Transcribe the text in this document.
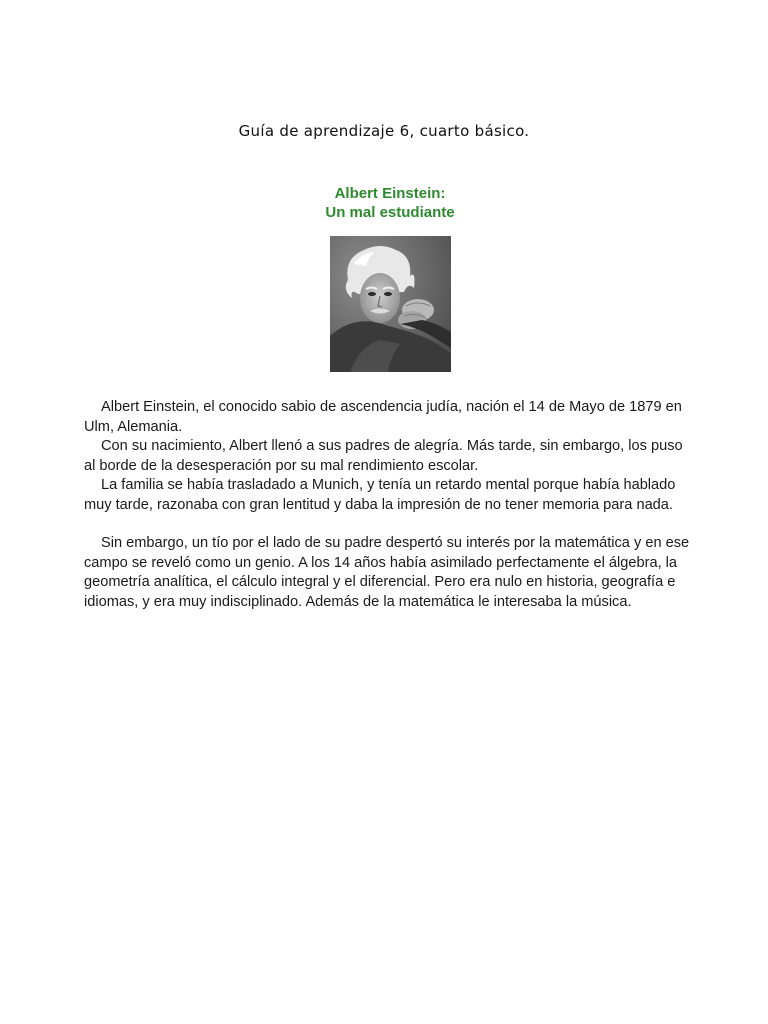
Guía de aprendizaje 6, cuarto básico.
Albert Einstein:
Un mal estudiante

Albert Einstein, el conocido sabio de ascendencia judía, nación el 14 de Mayo de 1879 en Ulm, Alemania.

Con su nacimiento, Albert llenó a sus padres de alegría. Más tarde, sin embargo, los puso al borde de la desesperación por su mal rendimiento escolar.

La familia se había trasladado a Munich, y tenía un retardo mental porque había hablado muy tarde, razonaba con gran lentitud y daba la impresión de no tener memoria para nada.

Sin embargo, un tío por el lado de su padre despertó su interés por la matemática y en ese campo se reveló como un genio. A los 14 años había asimilado perfectamente el álgebra, la geometría analítica, el cálculo integral y el diferencial. Pero era nulo en historia, geografía e idiomas, y era muy indisciplinado. Además de la matemática le interesaba la música.
